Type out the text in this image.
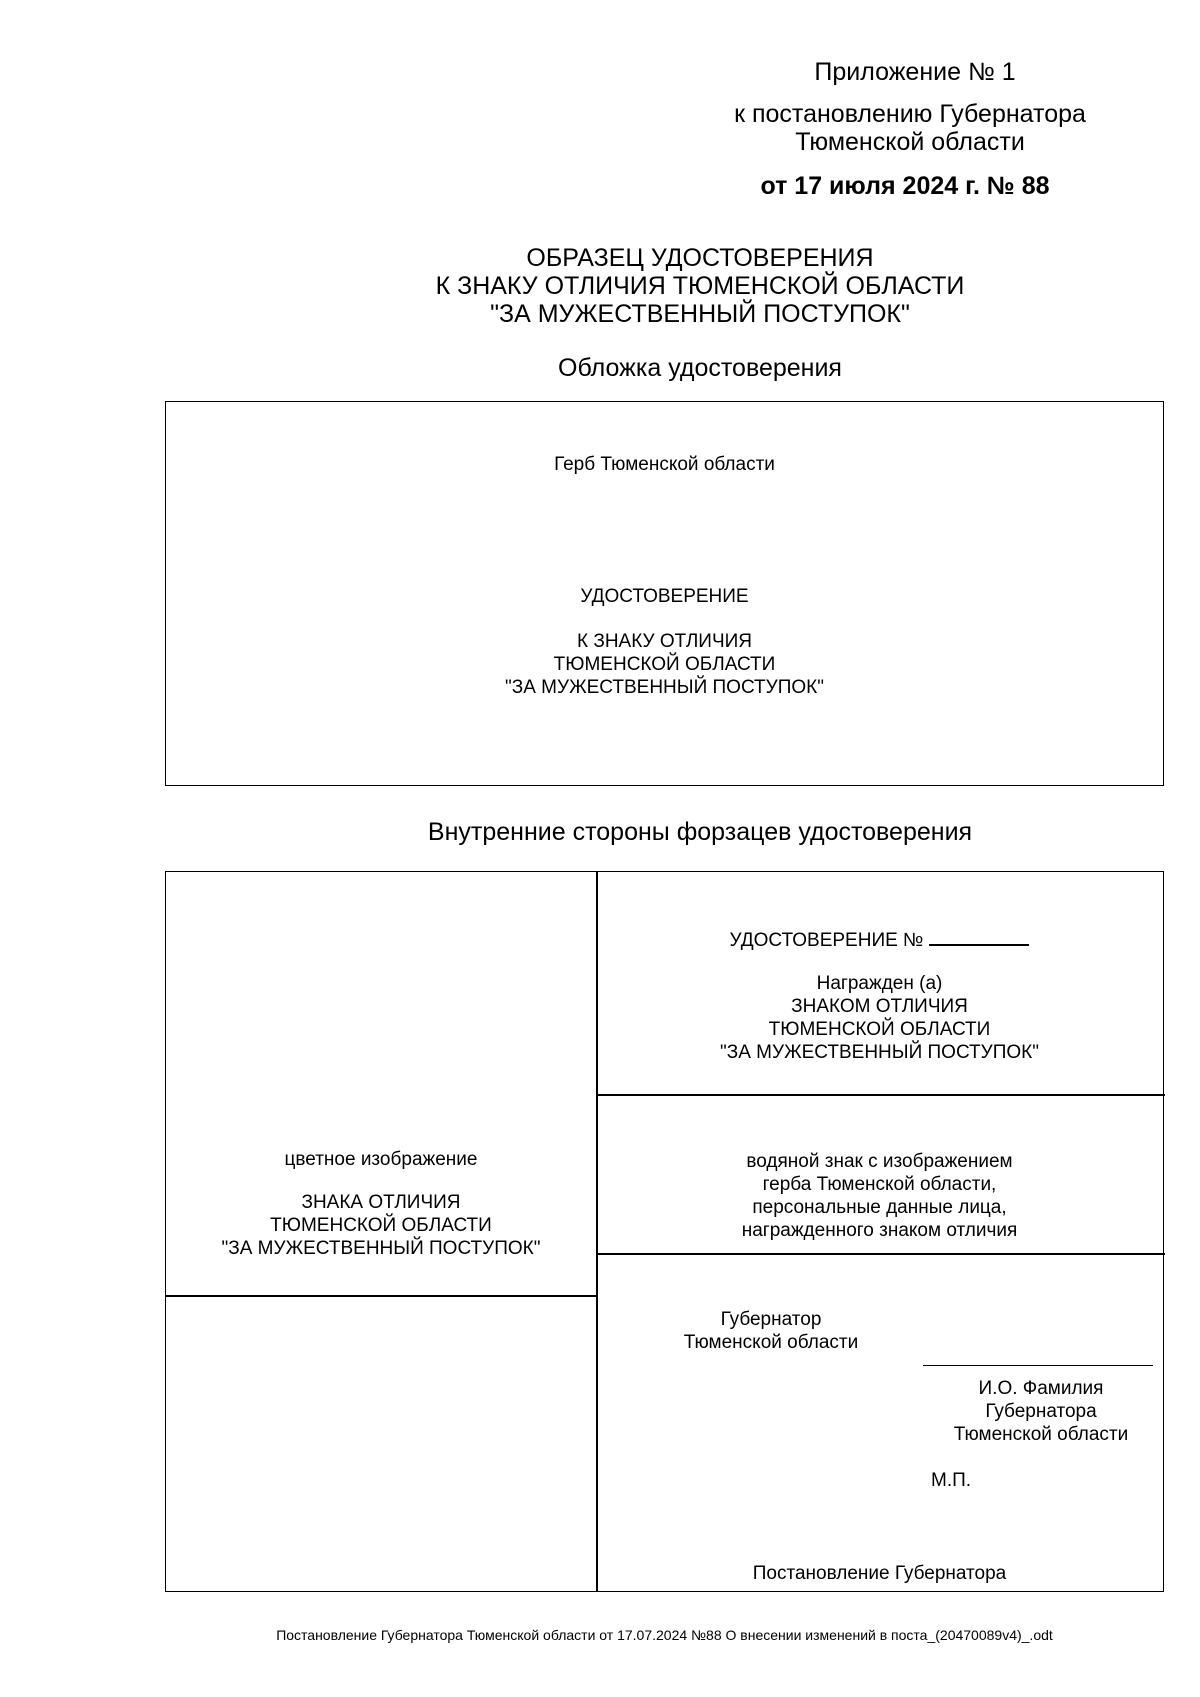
Приложение № 1
к постановлению Губернатора
Тюменской области
от 17 июля 2024 г. № 88
ОБРАЗЕЦ УДОСТОВЕРЕНИЯ
К ЗНАКУ ОТЛИЧИЯ ТЮМЕНСКОЙ ОБЛАСТИ
"ЗА МУЖЕСТВЕННЫЙ ПОСТУПОК"
Обложка удостоверения
Герб Тюменской области
УДОСТОВЕРЕНИЕ
К ЗНАКУ ОТЛИЧИЯ
ТЮМЕНСКОЙ ОБЛАСТИ
"ЗА МУЖЕСТВЕННЫЙ ПОСТУПОК"
Внутренние стороны форзацев удостоверения
цветное изображение
ЗНАКА ОТЛИЧИЯ
ТЮМЕНСКОЙ ОБЛАСТИ
"ЗА МУЖЕСТВЕННЫЙ ПОСТУПОК"
УДОСТОВЕРЕНИЕ №
Награжден (а)
ЗНАКОМ ОТЛИЧИЯ
ТЮМЕНСКОЙ ОБЛАСТИ
"ЗА МУЖЕСТВЕННЫЙ ПОСТУПОК"
водяной знак с изображением
герба Тюменской области,
персональные данные лица,
награжденного знаком отличия
Губернатор
Тюменской области
И.О. Фамилия
Губернатора
Тюменской области
М.П.
Постановление Губернатора
Постановление Губернатора Тюменской области от 17.07.2024 №88 О внесении изменений в поста_(20470089v4)_.odt
